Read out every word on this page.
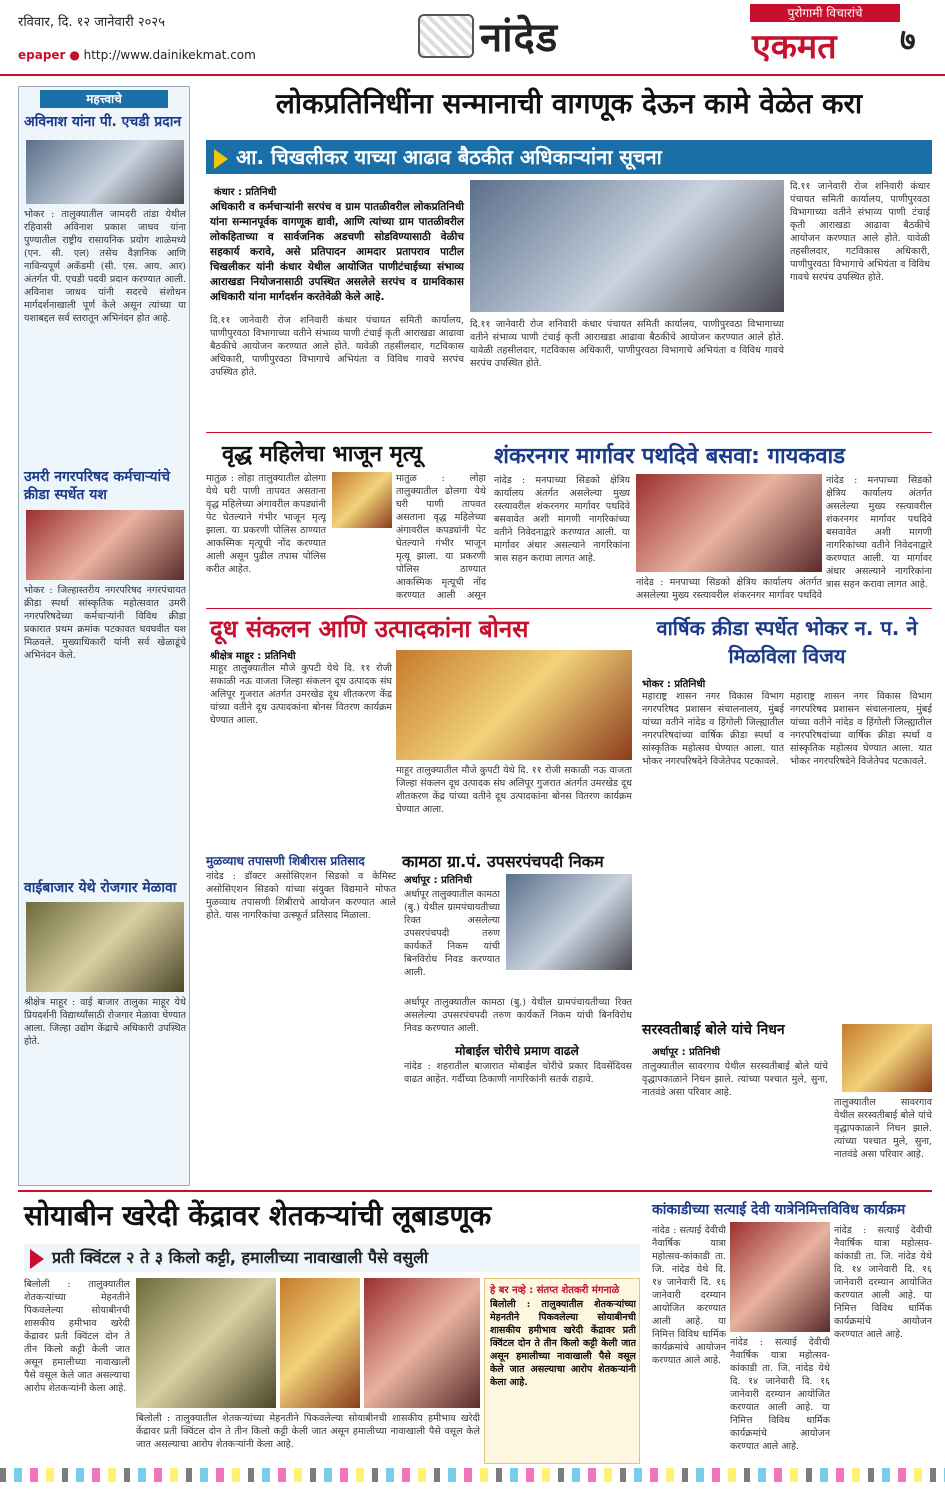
रविवार, दि. १२ जानेवारी २०२५
epaper ● http://www.dainikekmat.com	नांदेड
पुरोगामी विचारांचे
एकमत ७
महत्त्वाचे
अविनाश यांना पी. एचडी प्रदान
भोकर : तालुक्यातील जामदरी तांडा येथील रहिवासी अविनाश प्रकाश जाधव यांना पुण्यातील राष्ट्रीय रासायनिक प्रयोग शाळेमध्ये (एन. सी. एल) तसेच वैज्ञानिक आणि नाविन्यपूर्ण अकॅडमी (सी. एस. आय. आर) अंतर्गत पी. एचडी पदवी प्रदान करण्यात आली. अविनाश जाधव यांनी सदरचे संशोधन मार्गदर्शनाखाली पूर्ण केले असून त्यांच्या या यशाबद्दल सर्व स्तरातून अभिनंदन होत आहे.
उमरी नगरपरिषद कर्मचाऱ्यांचे क्रीडा स्पर्धेत यश
भोकर : जिल्हास्तरीय नगरपरिषद नगरपंचायत क्रीडा स्पर्धा सांस्कृतिक महोत्सवात उमरी नगरपरिषदेच्या कर्मचाऱ्यांनी विविध क्रीडा प्रकारात प्रथम क्रमांक पटकावत घवघवीत यश मिळवले. मुख्याधिकारी यांनी सर्व खेळाडूंचे अभिनंदन केले.
वाईबाजार येथे रोजगार मेळावा
श्रीक्षेत्र माहूर : वाई बाजार तालुका माहूर येथे प्रियदर्शनी विद्यार्थ्यांसाठी रोजगार मेळावा घेण्यात आला. जिल्हा उद्योग केंद्राचे अधिकारी उपस्थित होते.
लोकप्रतिनिधींना सन्मानाची वागणूक देऊन कामे वेळेत करा
आ. चिखलीकर याच्या आढाव बैठकीत अधिकाऱ्यांना सूचना
कंधार : प्रतिनिधी
अधिकारी व कर्मचाऱ्यांनी सरपंच व ग्राम पातळीवरील लोकप्रतिनिधी यांना सन्मानपूर्वक वागणूक द्यावी, आणि त्यांच्या ग्राम पातळीवरील लोकहिताच्या व सार्वजनिक अडचणी सोडविण्यासाठी वेळीच सहकार्य करावे, असे प्रतिपादन आमदार प्रतापराव पाटील चिखलीकर यांनी कंधार येथील आयोजित पाणीटंचाईच्या संभाव्य आराखडा नियोजनासाठी उपस्थित असलेले सरपंच व ग्रामविकास अधिकारी यांना मार्गदर्शन करतेवेळी केले आहे.
दि.११ जानेवारी रोज शनिवारी कंधार पंचायत समिती कार्यालय, पाणीपुरवठा विभागाच्या वतीने संभाव्य पाणी टंचाई कृती आराखडा आढावा बैठकीचे आयोजन करण्यात आले होते. यावेळी तहसीलदार, गटविकास अधिकारी, पाणीपुरवठा विभागाचे अभियंता व विविध गावचे सरपंच उपस्थित होते.
दि.११ जानेवारी रोज शनिवारी कंधार पंचायत समिती कार्यालय, पाणीपुरवठा विभागाच्या वतीने संभाव्य पाणी टंचाई कृती आराखडा आढावा बैठकीचे आयोजन करण्यात आले होते. यावेळी तहसीलदार, गटविकास अधिकारी, पाणीपुरवठा विभागाचे अभियंता व विविध गावचे सरपंच उपस्थित होते.
दि.११ जानेवारी रोज शनिवारी कंधार पंचायत समिती कार्यालय, पाणीपुरवठा विभागाच्या वतीने संभाव्य पाणी टंचाई कृती आराखडा आढावा बैठकीचे आयोजन करण्यात आले होते. यावेळी तहसीलदार, गटविकास अधिकारी, पाणीपुरवठा विभागाचे अभियंता व विविध गावचे सरपंच उपस्थित होते.
वृद्ध महिलेचा भाजून मृत्यू
मातुळ : लोहा तालुक्यातील ढोलगा येथे घरी पाणी तापवत असताना वृद्ध महिलेच्या अंगावरील कपड्यांनी पेट घेतल्याने गंभीर भाजून मृत्यू झाला. या प्रकरणी पोलिस ठाण्यात आकस्मिक मृत्यूची नोंद करण्यात आली असून पुढील तपास पोलिस करीत आहेत.
मातुळ : लोहा तालुक्यातील ढोलगा येथे घरी पाणी तापवत असताना वृद्ध महिलेच्या अंगावरील कपड्यांनी पेट घेतल्याने गंभीर भाजून मृत्यू झाला. या प्रकरणी पोलिस ठाण्यात आकस्मिक मृत्यूची नोंद करण्यात आली असून
शंकरनगर मार्गावर पथदिवे बसवा: गायकवाड
नांदेड : मनपाच्या सिडको क्षेत्रिय कार्यालय अंतर्गत असलेल्या मुख्य रस्त्यावरील शंकरनगर मार्गावर पथदिवे बसवावेत अशी मागणी नागरिकांच्या वतीने निवेदनाद्वारे करण्यात आली. या मार्गावर अंधार असल्याने नागरिकांना त्रास सहन करावा लागत आहे.
नांदेड : मनपाच्या सिडको क्षेत्रिय कार्यालय अंतर्गत असलेल्या मुख्य रस्त्यावरील शंकरनगर मार्गावर पथदिवे
नांदेड : मनपाच्या सिडको क्षेत्रिय कार्यालय अंतर्गत असलेल्या मुख्य रस्त्यावरील शंकरनगर मार्गावर पथदिवे बसवावेत अशी मागणी नागरिकांच्या वतीने निवेदनाद्वारे करण्यात आली. या मार्गावर अंधार असल्याने नागरिकांना त्रास सहन करावा लागत आहे.
दूध संकलन आणि उत्पादकांना बोनस
श्रीक्षेत्र माहूर : प्रतिनिधी
माहूर तालुक्यातील मौजे कुपटी येथे दि. ११ रोजी सकाळी नऊ वाजता जिल्हा संकलन दूध उत्पादक संघ अलिपूर गुजरात अंतर्गत उमरखेड दूध शीतकरण केंद्र यांच्या वतीने दूध उत्पादकांना बोनस वितरण कार्यक्रम घेण्यात आला.
माहूर तालुक्यातील मौजे कुपटी येथे दि. ११ रोजी सकाळी नऊ वाजता जिल्हा संकलन दूध उत्पादक संघ अलिपूर गुजरात अंतर्गत उमरखेड दूध शीतकरण केंद्र यांच्या वतीने दूध उत्पादकांना बोनस वितरण कार्यक्रम घेण्यात आला.
वार्षिक क्रीडा स्पर्धेत भोकर न. प. ने मिळविला विजय
भोकर : प्रतिनिधी
महाराष्ट्र शासन नगर विकास विभाग नगरपरिषद प्रशासन संचालनालय, मुंबई यांच्या वतीने नांदेड व हिंगोली जिल्ह्यातील नगरपरिषदांच्या वार्षिक क्रीडा स्पर्धा व सांस्कृतिक महोत्सव घेण्यात आला. यात भोकर नगरपरिषदेने विजेतेपद पटकावले.
महाराष्ट्र शासन नगर विकास विभाग नगरपरिषद प्रशासन संचालनालय, मुंबई यांच्या वतीने नांदेड व हिंगोली जिल्ह्यातील नगरपरिषदांच्या वार्षिक क्रीडा स्पर्धा व सांस्कृतिक महोत्सव घेण्यात आला. यात भोकर नगरपरिषदेने विजेतेपद पटकावले.
मुळव्याध तपासणी शिबीरास प्रतिसाद
नांदेड : डॉक्टर असोसिएशन सिडको व केमिस्ट असोसिएशन सिडको यांच्या संयुक्त विद्यमाने मोफत मुळव्याध तपासणी शिबीराचे आयोजन करण्यात आले होते. यास नागरिकांचा उत्स्फूर्त प्रतिसाद मिळाला.
कामठा ग्रा.पं. उपसरपंचपदी निकम
अर्धापूर : प्रतिनिधी
अर्धापूर तालुक्यातील कामठा (बु.) येथील ग्रामपंचायतीच्या रिक्त असलेल्या उपसरपंचपदी तरुण कार्यकर्ते निकम यांची बिनविरोध निवड करण्यात आली.
अर्धापूर तालुक्यातील कामठा (बु.) येथील ग्रामपंचायतीच्या रिक्त असलेल्या उपसरपंचपदी तरुण कार्यकर्ते निकम यांची बिनविरोध निवड करण्यात आली.
मोबाईल चोरीचे प्रमाण वाढले
नांदेड : शहरातील बाजारात मोबाईल चोरीचे प्रकार दिवसेंदिवस वाढत आहेत. गर्दीच्या ठिकाणी नागरिकांनी सतर्क राहावे.
सरस्वतीबाई बोले यांचे निधन
अर्धापूर : प्रतिनिधी
तालुक्यातील सावरगाव येथील सरस्वतीबाई बोले यांचे वृद्धापकाळाने निधन झाले. त्यांच्या पश्चात मुले, सुना, नातवंडे असा परिवार आहे.
तालुक्यातील सावरगाव येथील सरस्वतीबाई बोले यांचे वृद्धापकाळाने निधन झाले. त्यांच्या पश्चात मुले, सुना, नातवंडे असा परिवार आहे.
सोयाबीन खरेदी केंद्रावर शेतकऱ्यांची लूबाडणूक
प्रती क्विंटल २ ते ३ किलो कट्टी, हमालीच्या नावाखाली पैसे वसुली
बिलोली : तालुक्यातील शेतकऱ्यांच्या मेहनतीने पिकवलेल्या सोयाबीनची शासकीय हमीभाव खरेदी केंद्रावर प्रती क्विंटल दोन ते तीन किलो कट्टी केली जात असून हमालीच्या नावाखाली पैसे वसूल केले जात असल्याचा आरोप शेतकऱ्यांनी केला आहे.
बिलोली : तालुक्यातील शेतकऱ्यांच्या मेहनतीने पिकवलेल्या सोयाबीनची शासकीय हमीभाव खरेदी केंद्रावर प्रती क्विंटल दोन ते तीन किलो कट्टी केली जात असून हमालीच्या नावाखाली पैसे वसूल केले जात असल्याचा आरोप शेतकऱ्यांनी केला आहे.
हे बर नव्हे : संतप्त शेतकरी मंगनाळे
बिलोली : तालुक्यातील शेतकऱ्यांच्या मेहनतीने पिकवलेल्या सोयाबीनची शासकीय हमीभाव खरेदी केंद्रावर प्रती क्विंटल दोन ते तीन किलो कट्टी केली जात असून हमालीच्या नावाखाली पैसे वसूल केले जात असल्याचा आरोप शेतकऱ्यांनी केला आहे.
कांकाडीच्या सत्याई देवी यात्रेनिमित्तविविध कार्यक्रम
नांदेड : सत्याई देवीची नैवार्षिक यात्रा महोत्सव-कांकाडी ता. जि. नांदेड येथे दि. १४ जानेवारी दि. १६ जानेवारी दरम्यान आयोजित करण्यात आली आहे. या निमित्त विविध धार्मिक कार्यक्रमांचे आयोजन करण्यात आले आहे.
नांदेड : सत्याई देवीची नैवार्षिक यात्रा महोत्सव-कांकाडी ता. जि. नांदेड येथे दि. १४ जानेवारी दि. १६ जानेवारी दरम्यान आयोजित करण्यात आली आहे. या निमित्त विविध धार्मिक कार्यक्रमांचे आयोजन करण्यात आले आहे.
नांदेड : सत्याई देवीची नैवार्षिक यात्रा महोत्सव-कांकाडी ता. जि. नांदेड येथे दि. १४ जानेवारी दि. १६ जानेवारी दरम्यान आयोजित करण्यात आली आहे. या निमित्त विविध धार्मिक कार्यक्रमांचे आयोजन करण्यात आले आहे.
